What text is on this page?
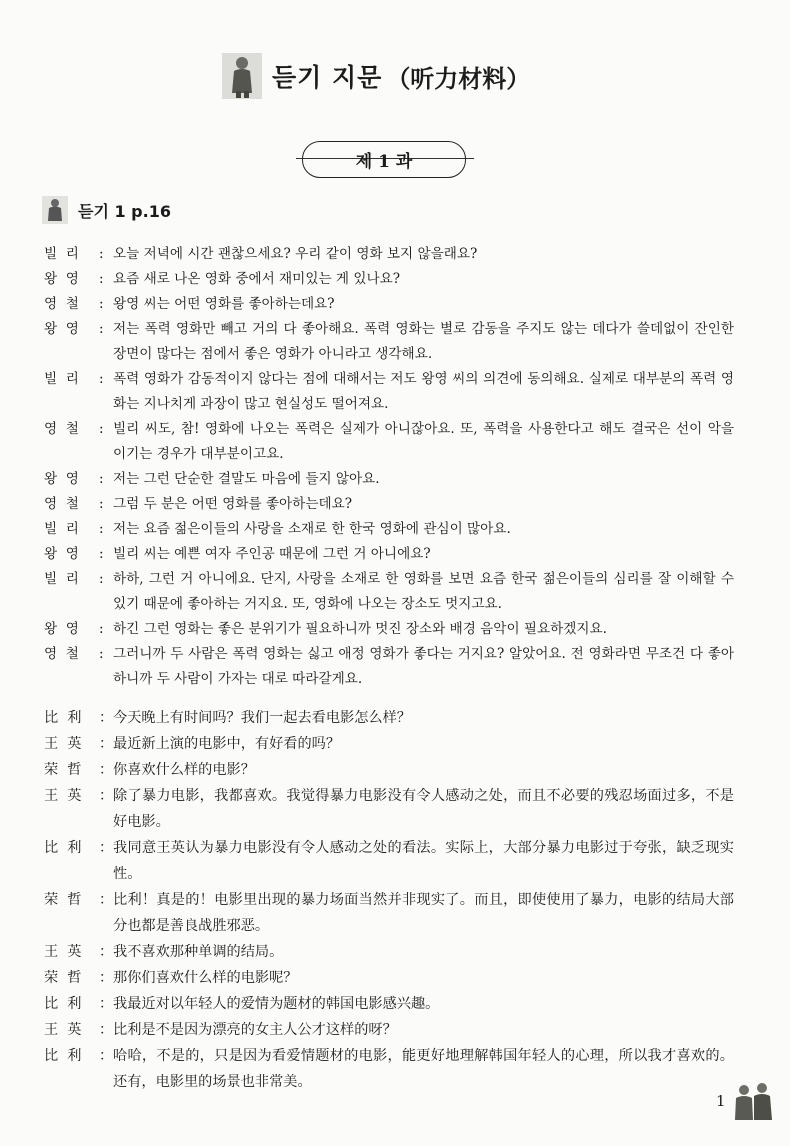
듣기 지문 （听力材料）
제 1 과
듣기 1 p.16
빌  리	: 오늘 저녁에 시간 괜찮으세요? 우리 같이 영화 보지 않을래요?
왕  영	: 요즘 새로 나온 영화 중에서 재미있는 게 있나요?
영  철	: 왕영 씨는 어떤 영화를 좋아하는데요?
왕  영	: 저는 폭력 영화만 빼고 거의 다 좋아해요. 폭력 영화는 별로 감동을 주지도 않는 데다가 쓸데없이 잔인한 장면이 많다는 점에서 좋은 영화가 아니라고 생각해요.
빌  리	: 폭력 영화가 감동적이지 않다는 점에 대해서는 저도 왕영 씨의 의견에 동의해요. 실제로 대부분의 폭력 영화는 지나치게 과장이 많고 현실성도 떨어져요.
영  철	: 빌리 씨도, 참! 영화에 나오는 폭력은 실제가 아니잖아요. 또, 폭력을 사용한다고 해도 결국은 선이 악을 이기는 경우가 대부분이고요.
왕  영	: 저는 그런 단순한 결말도 마음에 들지 않아요.
영  철	: 그럼 두 분은 어떤 영화를 좋아하는데요?
빌  리	: 저는 요즘 젊은이들의 사랑을 소재로 한 한국 영화에 관심이 많아요.
왕  영	: 빌리 씨는 예쁜 여자 주인공 때문에 그런 거 아니에요?
빌  리	: 하하, 그런 거 아니에요. 단지, 사랑을 소재로 한 영화를 보면 요즘 한국 젊은이들의 심리를 잘 이해할 수 있기 때문에 좋아하는 거지요. 또, 영화에 나오는 장소도 멋지고요.
왕  영	: 하긴 그런 영화는 좋은 분위기가 필요하니까 멋진 장소와 배경 음악이 필요하겠지요.
영  철	: 그러니까 두 사람은 폭력 영화는 싫고 애정 영화가 좋다는 거지요? 알았어요. 전 영화라면 무조건 다 좋아하니까 두 사람이 가자는 대로 따라갈게요.
比  利	： 今天晚上有时间吗？我们一起去看电影怎么样？
王  英	： 最近新上演的电影中，有好看的吗？
荣  哲	： 你喜欢什么样的电影？
王  英	： 除了暴力电影，我都喜欢。我觉得暴力电影没有令人感动之处，而且不必要的残忍场面过多，不是好电影。
比  利	： 我同意王英认为暴力电影没有令人感动之处的看法。实际上，大部分暴力电影过于夸张，缺乏现实性。
荣  哲	： 比利！真是的！电影里出现的暴力场面当然并非现实了。而且，即使使用了暴力，电影的结局大部分也都是善良战胜邪恶。
王  英	： 我不喜欢那种单调的结局。
荣  哲	： 那你们喜欢什么样的电影呢？
比  利	： 我最近对以年轻人的爱情为题材的韩国电影感兴趣。
王  英	： 比利是不是因为漂亮的女主人公才这样的呀？
比  利	： 哈哈，不是的，只是因为看爱情题材的电影，能更好地理解韩国年轻人的心理，所以我才喜欢的。还有，电影里的场景也非常美。
1
